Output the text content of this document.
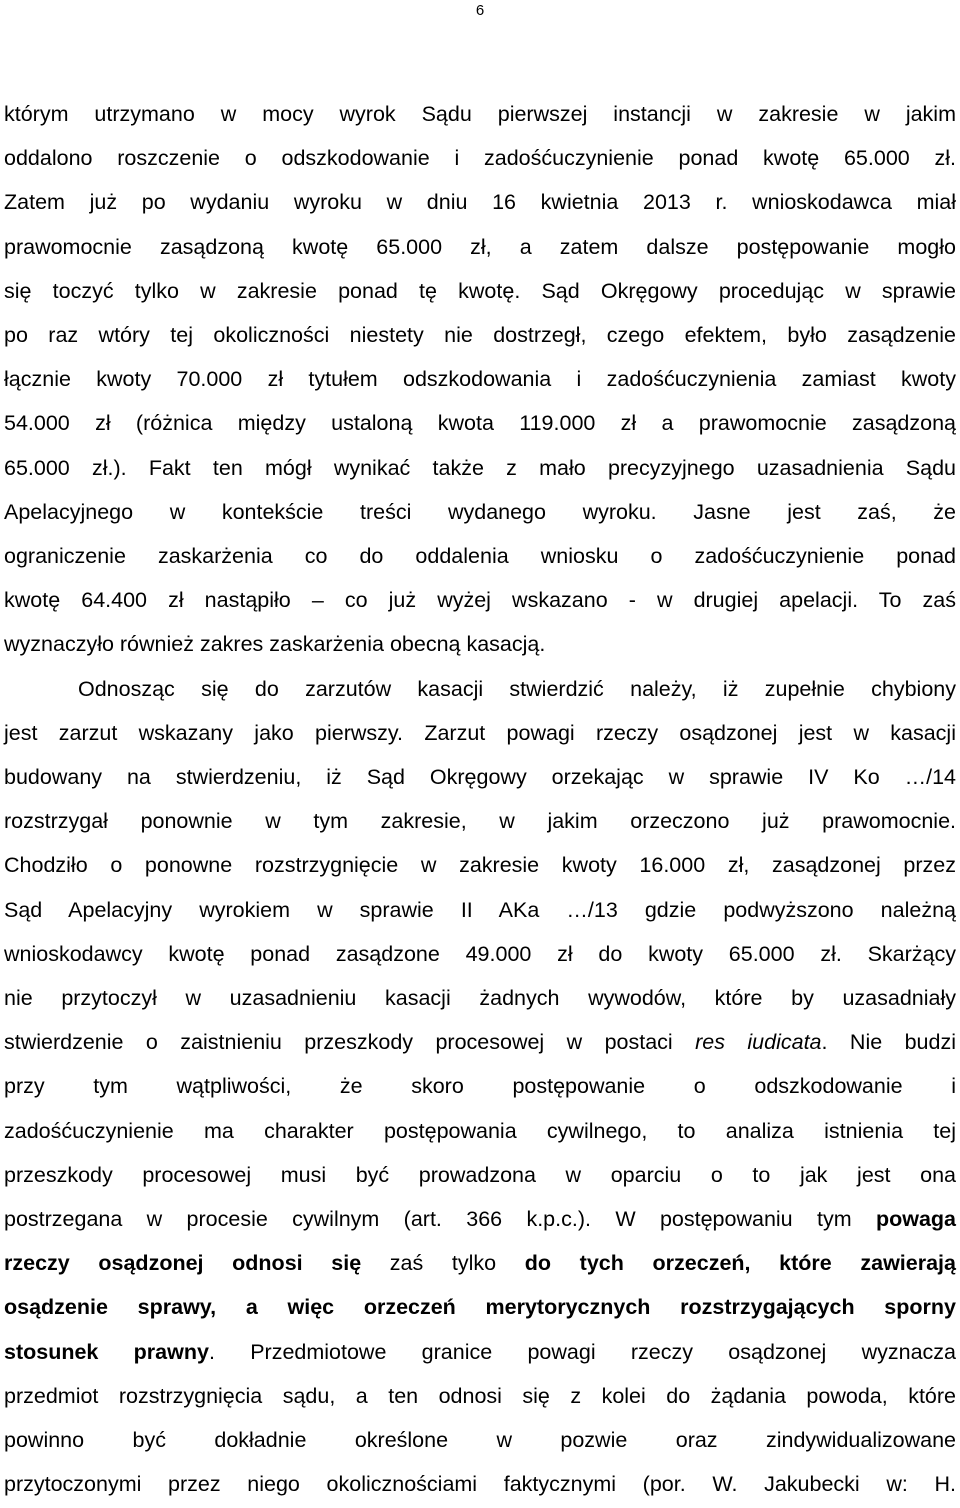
6
którym utrzymano w mocy wyrok Sądu pierwszej instancji w zakresie w jakim
oddalono roszczenie o odszkodowanie i zadośćuczynienie ponad kwotę 65.000 zł.
Zatem już po wydaniu wyroku w dniu 16 kwietnia 2013 r. wnioskodawca miał
prawomocnie zasądzoną kwotę 65.000 zł, a zatem dalsze postępowanie mogło
się toczyć tylko w zakresie ponad tę kwotę. Sąd Okręgowy procedując w sprawie
po raz wtóry tej okoliczności niestety nie dostrzegł, czego efektem, było zasądzenie
łącznie kwoty 70.000 zł tytułem odszkodowania i zadośćuczynienia zamiast kwoty
54.000 zł (różnica między ustaloną kwota 119.000 zł a prawomocnie zasądzoną
65.000 zł.). Fakt ten mógł wynikać także z mało precyzyjnego uzasadnienia Sądu
Apelacyjnego w kontekście treści wydanego wyroku. Jasne jest zaś, że
ograniczenie zaskarżenia co do oddalenia wniosku o zadośćuczynienie ponad
kwotę 64.400 zł nastąpiło – co już wyżej wskazano - w drugiej apelacji. To zaś
wyznaczyło również zakres zaskarżenia obecną kasacją.
Odnosząc się do zarzutów kasacji stwierdzić należy, iż zupełnie chybiony
jest zarzut wskazany jako pierwszy. Zarzut powagi rzeczy osądzonej jest w kasacji
budowany na stwierdzeniu, iż Sąd Okręgowy orzekając w sprawie IV Ko …/14
rozstrzygał ponownie w tym zakresie, w jakim orzeczono już prawomocnie.
Chodziło o ponowne rozstrzygnięcie w zakresie kwoty 16.000 zł, zasądzonej przez
Sąd Apelacyjny wyrokiem w sprawie II AKa …/13 gdzie podwyższono należną
wnioskodawcy kwotę ponad zasądzone 49.000 zł do kwoty 65.000 zł. Skarżący
nie przytoczył w uzasadnieniu kasacji żadnych wywodów, które by uzasadniały
stwierdzenie o zaistnieniu przeszkody procesowej w postaci res iudicata. Nie budzi
przy tym wątpliwości, że skoro postępowanie o odszkodowanie i
zadośćuczynienie ma charakter postępowania cywilnego, to analiza istnienia tej
przeszkody procesowej musi być prowadzona w oparciu o to jak jest ona
postrzegana w procesie cywilnym (art. 366 k.p.c.). W postępowaniu tym powaga
rzeczy osądzonej odnosi się zaś tylko do tych orzeczeń, które zawierają
osądzenie sprawy, a więc orzeczeń merytorycznych rozstrzygających sporny
stosunek prawny. Przedmiotowe granice powagi rzeczy osądzonej wyznacza
przedmiot rozstrzygnięcia sądu, a ten odnosi się z kolei do żądania powoda, które
powinno być dokładnie określone w pozwie oraz zindywidualizowane
przytoczonymi przez niego okolicznościami faktycznymi (por. W. Jakubecki w: H.
